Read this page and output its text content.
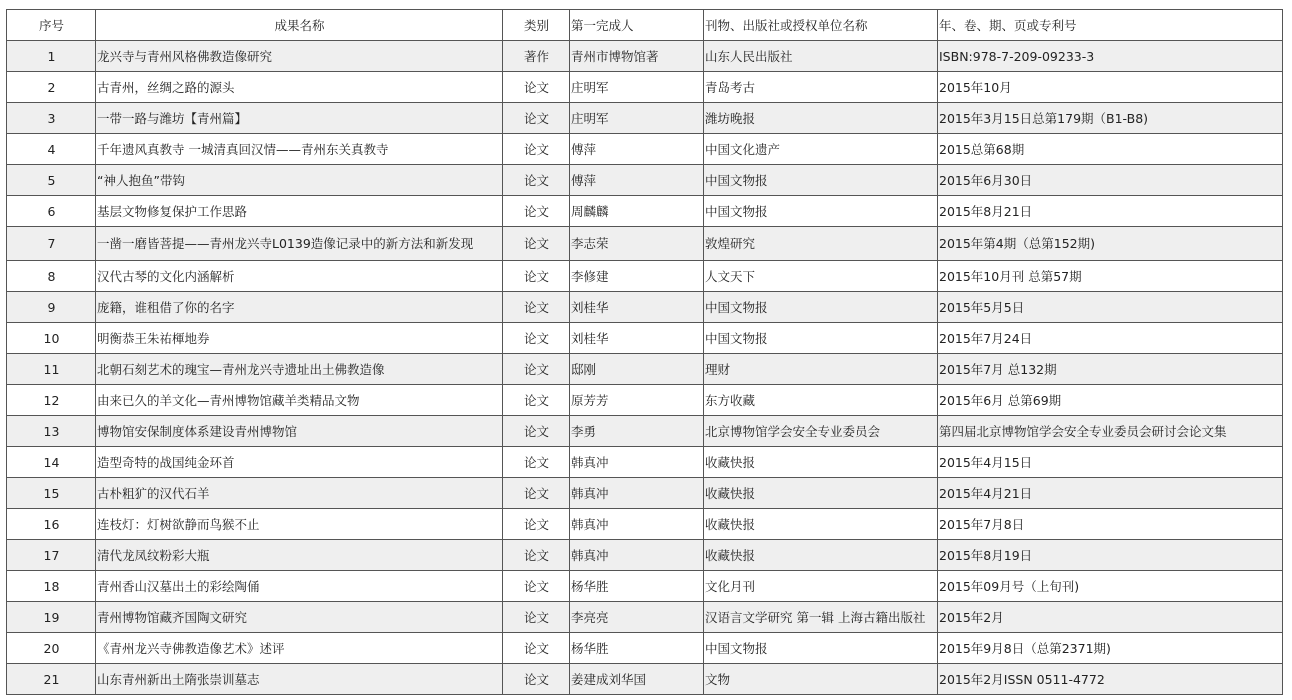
序号	成果名称	类别	第一完成人	刊物、出版社或授权单位名称	年、卷、期、页或专利号
1	龙兴寺与青州风格佛教造像研究	著作	青州市博物馆著	山东人民出版社	ISBN:978-7-209-09233-3
2	古青州，丝绸之路的源头	论文	庄明军	青岛考古	2015年10月
3	一带一路与潍坊【青州篇】	论文	庄明军	潍坊晚报	2015年3月15日总第179期（B1-B8)
4	千年遗风真教寺 一城清真回汉情——青州东关真教寺	论文	傅萍	中国文化遗产	2015总第68期
5	“神人抱鱼”带钩	论文	傅萍	中国文物报	2015年6月30日
6	基层文物修复保护工作思路	论文	周麟麟	中国文物报	2015年8月21日
7	一凿一磨皆菩提——青州龙兴寺L0139造像记录中的新方法和新发现	论文	李志荣	敦煌研究	2015年第4期（总第152期)
8	汉代古琴的文化内涵解析	论文	李修建	人文天下	2015年10月刊 总第57期
9	庞籍，谁租借了你的名字	论文	刘桂华	中国文物报	2015年5月5日
10	明衡恭王朱祐楎地券	论文	刘桂华	中国文物报	2015年7月24日
11	北朝石刻艺术的瑰宝—青州龙兴寺遗址出土佛教造像	论文	邸刚	理财	2015年7月 总132期
12	由来已久的羊文化—青州博物馆藏羊类精品文物	论文	原芳芳	东方收藏	2015年6月 总第69期
13	博物馆安保制度体系建设青州博物馆	论文	李勇	北京博物馆学会安全专业委员会	第四届北京博物馆学会安全专业委员会研讨会论文集
14	造型奇特的战国纯金环首	论文	韩真冲	收藏快报	2015年4月15日
15	古朴粗犷的汉代石羊	论文	韩真冲	收藏快报	2015年4月21日
16	连枝灯：灯树欲静而鸟猴不止	论文	韩真冲	收藏快报	2015年7月8日
17	清代龙凤纹粉彩大瓶	论文	韩真冲	收藏快报	2015年8月19日
18	青州香山汉墓出土的彩绘陶俑	论文	杨华胜	文化月刊	2015年09月号（上旬刊)
19	青州博物馆藏齐国陶文研究	论文	李亮亮	汉语言文学研究 第一辑 上海古籍出版社	2015年2月
20	《青州龙兴寺佛教造像艺术》述评	论文	杨华胜	中国文物报	2015年9月8日（总第2371期)
21	山东青州新出土隋张崇训墓志	论文	姜建成刘华国	文物	2015年2月ISSN 0511-4772
